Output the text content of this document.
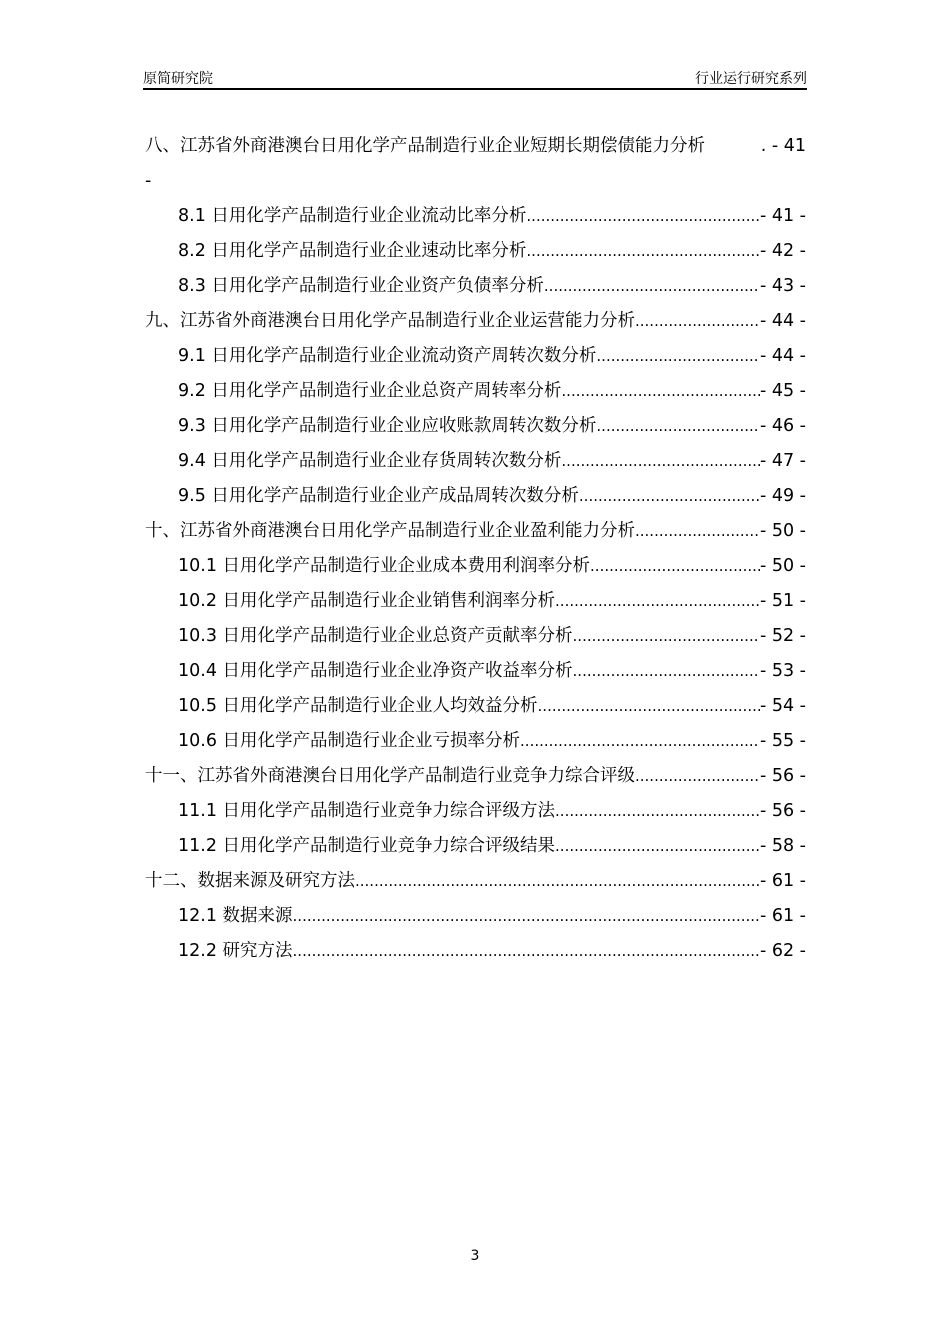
原简研究院	行业运行研究系列
八、江苏省外商港澳台日用化学产品制造行业企业短期长期偿债能力分析	. - 41
-
8.1 日用化学产品制造行业企业流动比率分析 .....	- 41 -
8.2 日用化学产品制造行业企业速动比率分析 .....	- 42 -
8.3 日用化学产品制造行业企业资产负债率分析 .....	- 43 -
九、江苏省外商港澳台日用化学产品制造行业企业运营能力分析 .....	- 44 -
9.1 日用化学产品制造行业企业流动资产周转次数分析 .....	- 44 -
9.2 日用化学产品制造行业企业总资产周转率分析 .....	- 45 -
9.3 日用化学产品制造行业企业应收账款周转次数分析 .....	- 46 -
9.4 日用化学产品制造行业企业存货周转次数分析 .....	- 47 -
9.5 日用化学产品制造行业企业产成品周转次数分析 .....	- 49 -
十、江苏省外商港澳台日用化学产品制造行业企业盈利能力分析 .....	- 50 -
10.1 日用化学产品制造行业企业成本费用利润率分析 .....	- 50 -
10.2 日用化学产品制造行业企业销售利润率分析 .....	- 51 -
10.3 日用化学产品制造行业企业总资产贡献率分析 .....	- 52 -
10.4 日用化学产品制造行业企业净资产收益率分析 .....	- 53 -
10.5 日用化学产品制造行业企业人均效益分析 .....	- 54 -
10.6 日用化学产品制造行业企业亏损率分析 .....	- 55 -
十一、江苏省外商港澳台日用化学产品制造行业竞争力综合评级 .....	- 56 -
11.1 日用化学产品制造行业竞争力综合评级方法 .....	- 56 -
11.2 日用化学产品制造行业竞争力综合评级结果 .....	- 58 -
十二、数据来源及研究方法 .....	- 61 -
12.1 数据来源 .....	- 61 -
12.2 研究方法 .....	- 62 -
3
